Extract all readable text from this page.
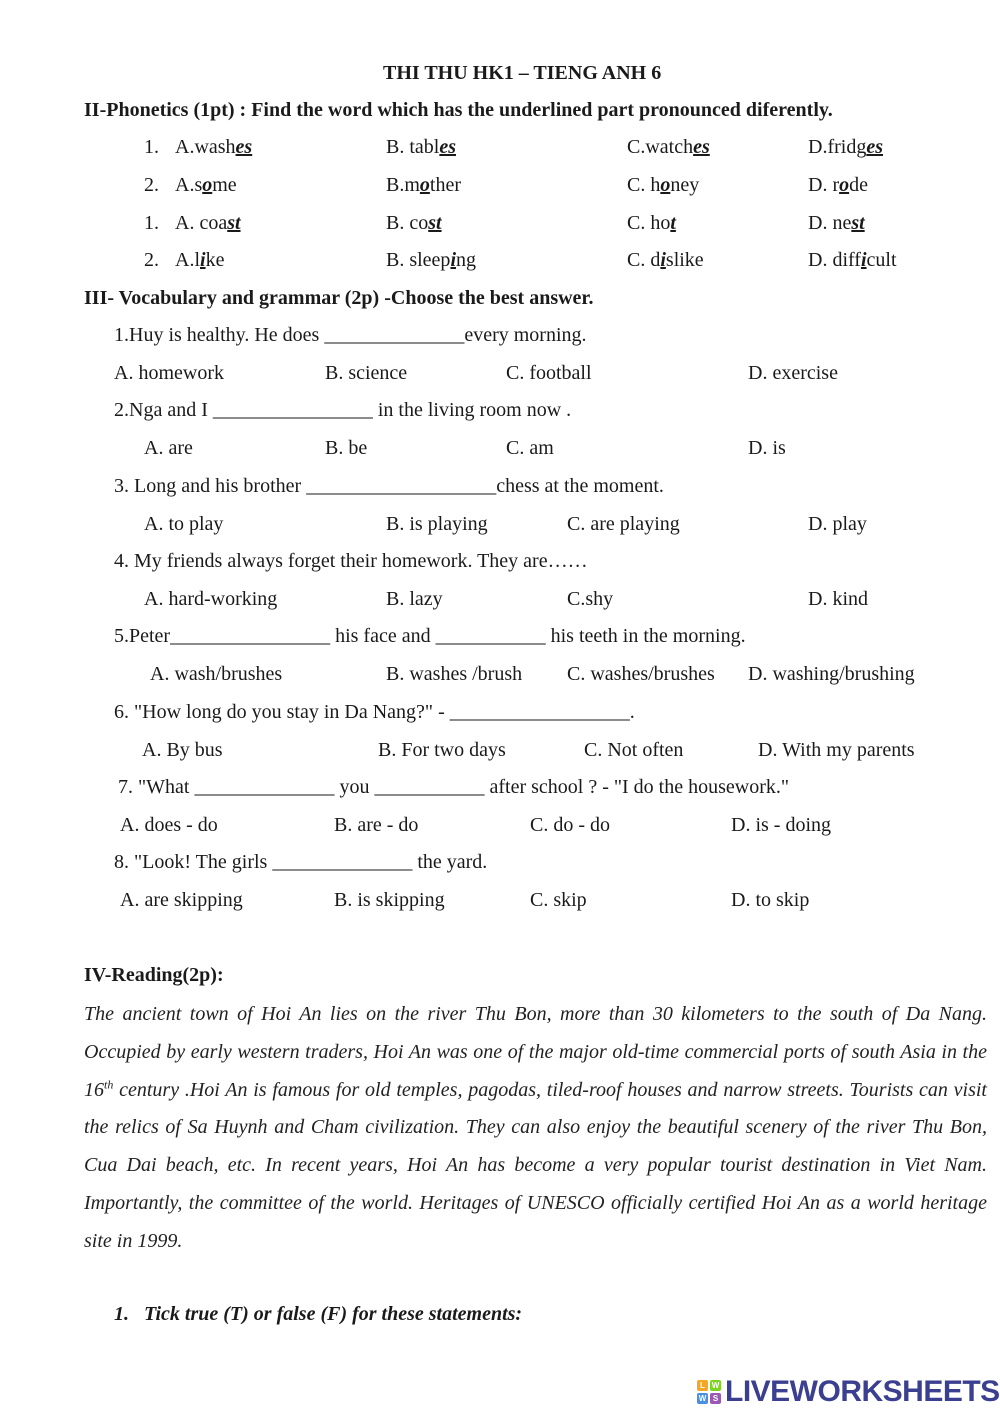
THI THU HK1 – TIENG ANH 6
II-Phonetics (1pt) : Find the word which has the underlined part pronounced diferently.
1. A.washes	B. tables	C.watches	D.fridges
2. A.some	B.mother	C. honey	D. rode
1. A. coast	B. cost	C. hot	D. nest
2. A.like	B. sleeping	C. dislike	D. difficult
III- Vocabulary and grammar (2p) -Choose the best answer.
1.Huy is healthy. He does ______________every morning.
A. homework	B. science	C. football	D. exercise
2.Nga and I ________________ in the living room now .
A. are	B. be	C. am	D. is
3. Long and his brother ___________________chess at the moment.
A. to play	B. is playing	C. are playing	D. play
4. My friends always forget their homework. They are……
A. hard-working	B. lazy	C.shy	D. kind
5.Peter________________ his face and ___________ his teeth in the morning.
A. wash/brushes	B. washes /brush C. washes/brushes D. washing/brushing
6. "How long do you stay in Da Nang?" - __________________.
A. By bus	B. For two days	C. Not often	D. With my parents
7. "What ______________ you ___________ after school ? - "I do the housework."
A. does - do	B. are - do	C. do - do	D. is - doing
8. "Look! The girls ______________ the yard.
A. are skipping	B. is skipping	C. skip	D. to skip
IV-Reading(2p):
The ancient town of Hoi An lies on the river Thu Bon, more than 30 kilometers to the south of Da Nang. Occupied by early western traders, Hoi An was one of the major old-time commercial ports of south Asia in the 16th century .Hoi An is famous for old temples, pagodas, tiled-roof houses and narrow streets. Tourists can visit the relics of Sa Huynh and Cham civilization. They can also enjoy the beautiful scenery of the river Thu Bon, Cua Dai beach, etc. In recent years, Hoi An has become a very popular tourist destination in Viet Nam. Importantly, the committee of the world. Heritages of UNESCO officially certified Hoi An as a world heritage site in 1999.
1. Tick true (T) or false (F) for these statements:
L W
W S LIVEWORKSHEETS
